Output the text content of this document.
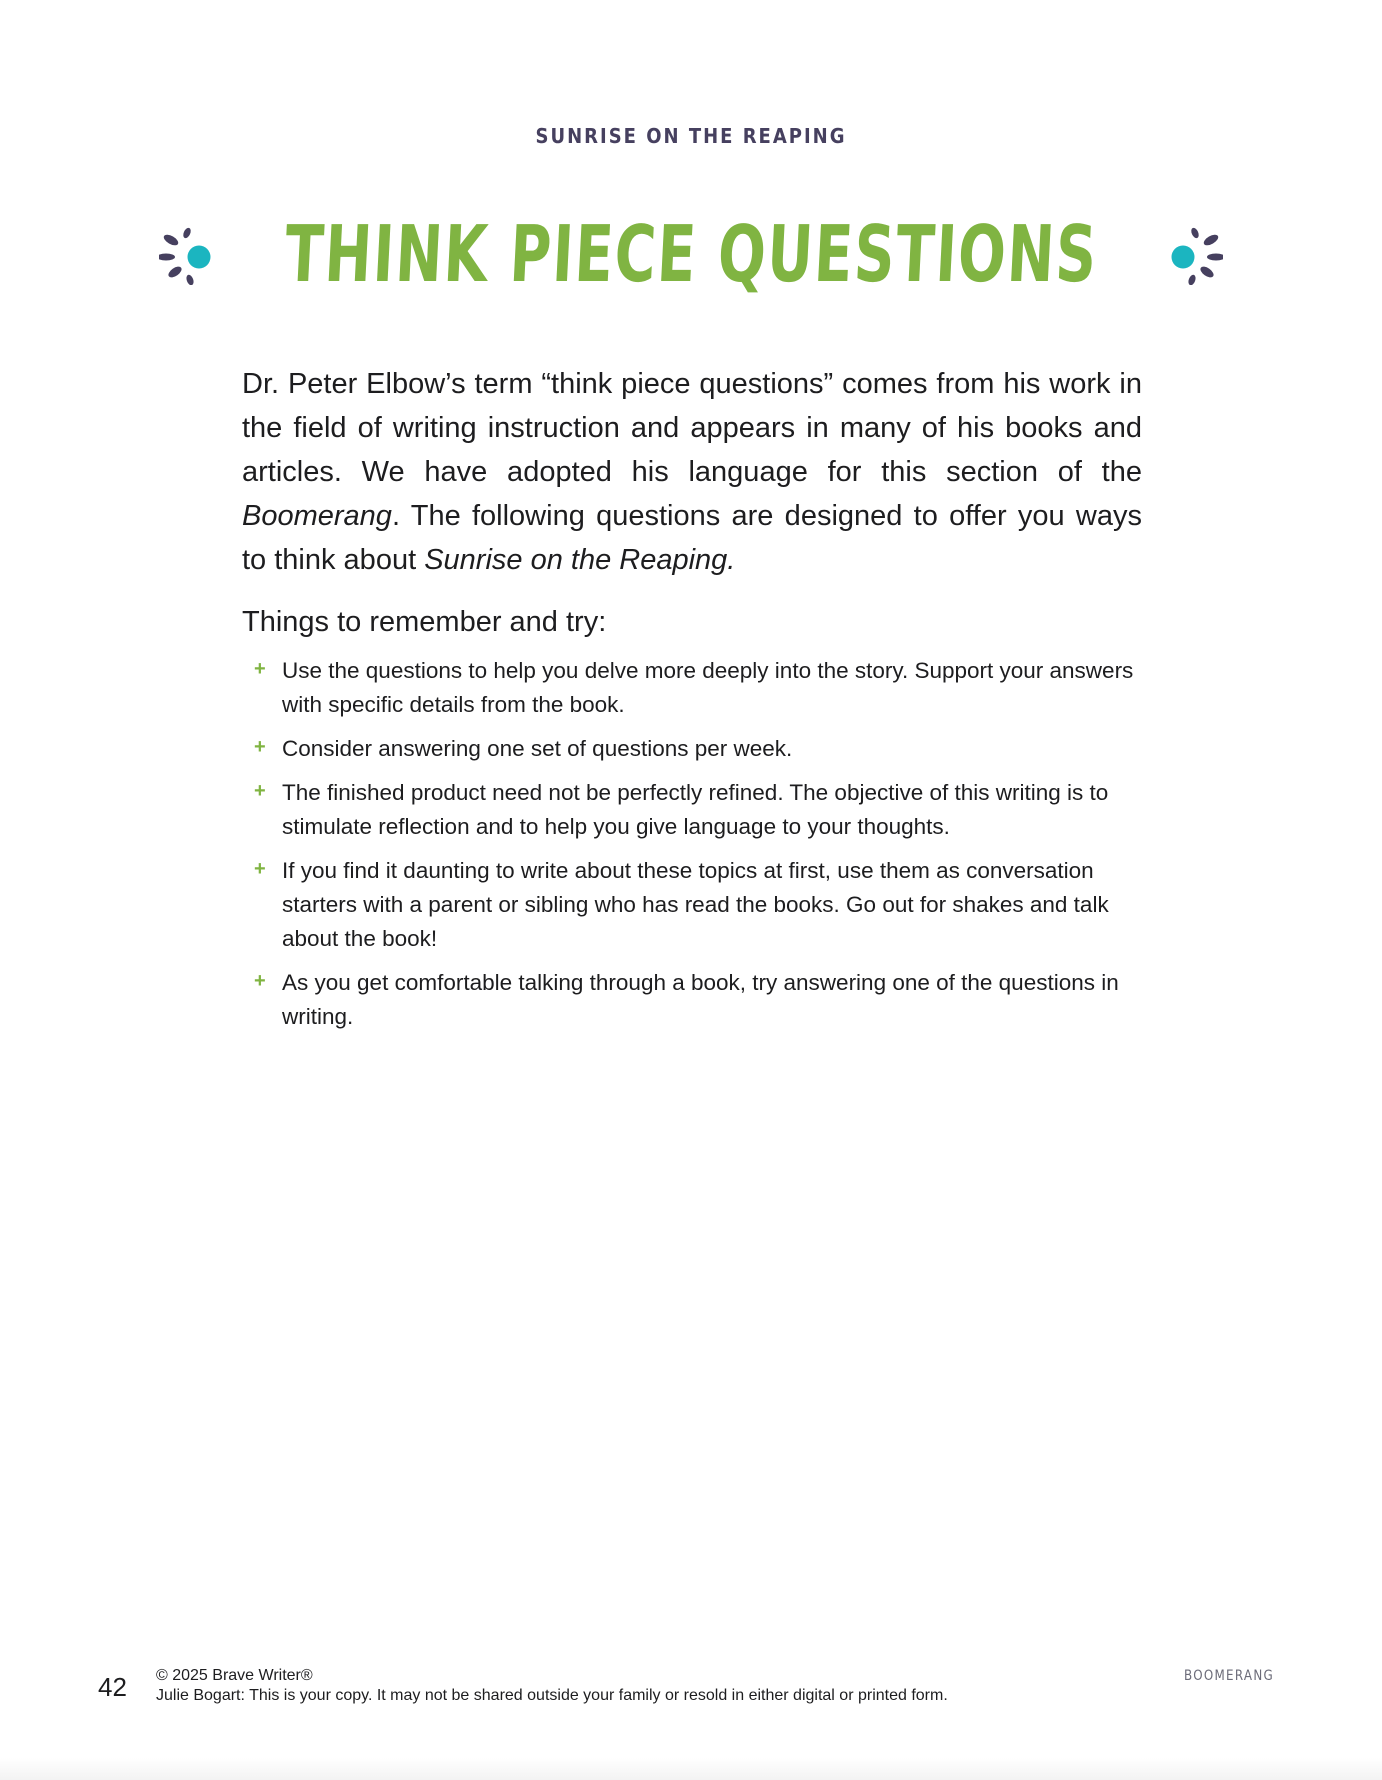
SUNRISE ON THE REAPING
THINK PIECE QUESTIONS

Dr. Peter Elbow’s term “think piece questions” comes from his work in the field of writing instruction and appears in many of his books and articles. We have adopted his language for this section of the Boomerang. The following questions are designed to offer you ways to think about Sunrise on the Reaping.

Things to remember and try:
+ Use the questions to help you delve more deeply into the story. Support your answers with specific details from the book.
+ Consider answering one set of questions per week.
+ The finished product need not be perfectly refined. The objective of this writing is to stimulate reflection and to help you give language to your thoughts.
+ If you find it daunting to write about these topics at first, use them as conversation starters with a parent or sibling who has read the books. Go out for shakes and talk about the book!
+ As you get comfortable talking through a book, try answering one of the questions in writing.
42 © 2025 Brave Writer®
Julie Bogart: This is your copy. It may not be shared outside your family or resold in either digital or printed form.
BOOMERANG
